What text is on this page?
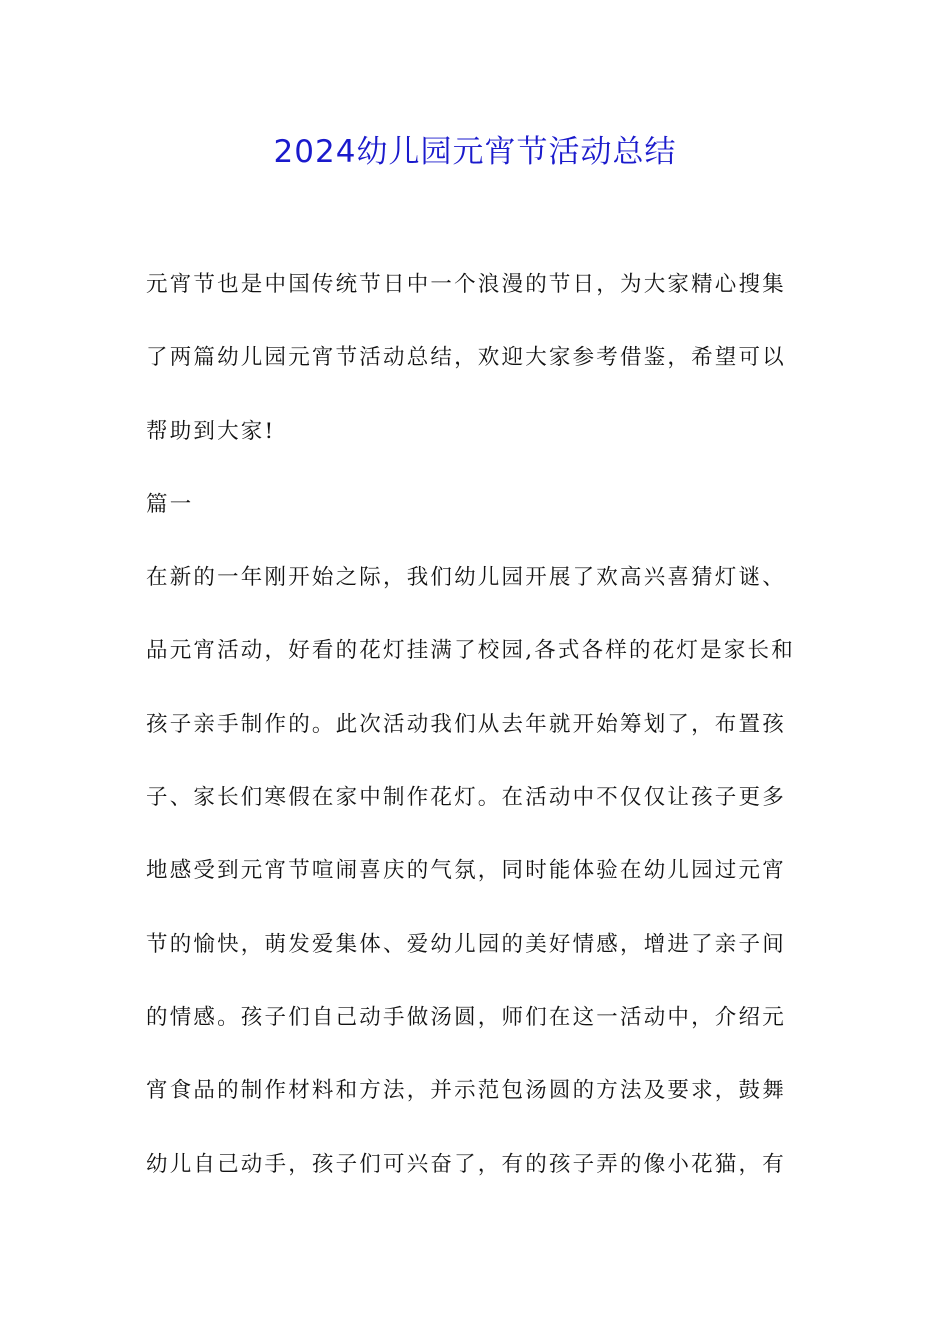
2024幼儿园元宵节活动总结
元宵节也是中国传统节日中一个浪漫的节日，为大家精心搜集
了两篇幼儿园元宵节活动总结，欢迎大家参考借鉴，希望可以
帮助到大家!
篇一
在新的一年刚开始之际，我们幼儿园开展了欢高兴喜猜灯谜、
品元宵活动，好看的花灯挂满了校园,各式各样的花灯是家长和
孩子亲手制作的。此次活动我们从去年就开始筹划了，布置孩
子、家长们寒假在家中制作花灯。在活动中不仅仅让孩子更多
地感受到元宵节喧闹喜庆的气氛，同时能体验在幼儿园过元宵
节的愉快，萌发爱集体、爱幼儿园的美好情感，增进了亲子间
的情感。孩子们自己动手做汤圆，师们在这一活动中，介绍元
宵食品的制作材料和方法，并示范包汤圆的方法及要求，鼓舞
幼儿自己动手，孩子们可兴奋了，有的孩子弄的像小花猫，有
